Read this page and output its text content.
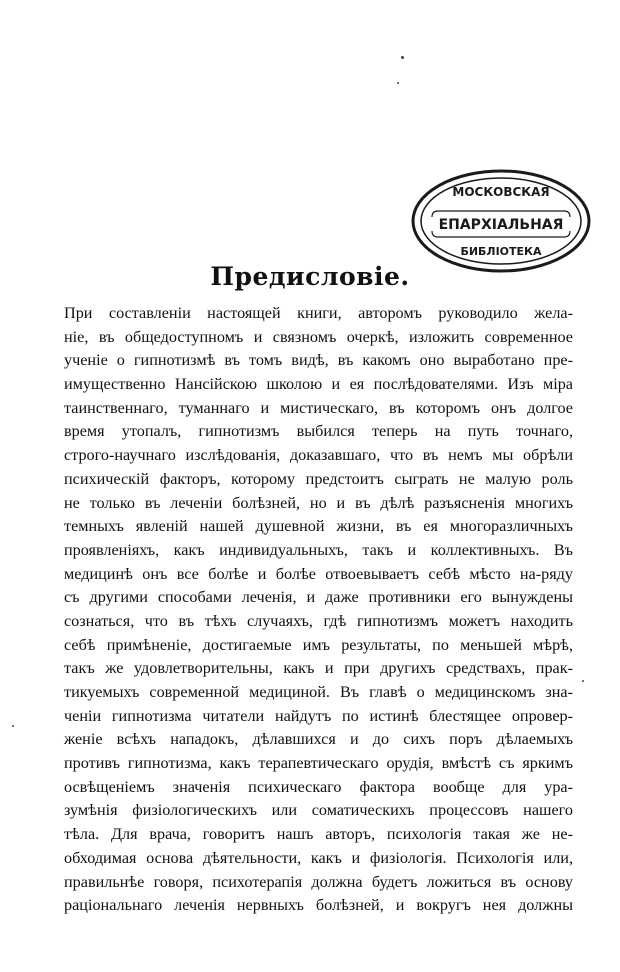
МОСКОВСКАЯ
ЕПАРХІАЛЬНАЯ
БИБЛІОТЕКА
Предисловіе.
При составленіи настоящей книги, авторомъ руководило жела-
ніе, въ общедоступномъ и связномъ очеркѣ, изложить современное
ученіе о гипнотизмѣ въ томъ видѣ, въ какомъ оно выработано пре-
имущественно Нансійскою школою и ея послѣдователями. Изъ міра
таинственнаго, туманнаго и мистическаго, въ которомъ онъ долгое
время утопалъ, гипнотизмъ выбился теперь на путь точнаго,
строго-научнаго изслѣдованія, доказавшаго, что въ немъ мы обрѣли
психическій факторъ, которому предстоитъ сыграть не малую роль
не только въ леченіи болѣзней, но и въ дѣлѣ разъясненія многихъ
темныхъ явленій нашей душевной жизни, въ ея многоразличныхъ
проявленіяхъ, какъ индивидуальныхъ, такъ и коллективныхъ. Въ
медицинѣ онъ все болѣе и болѣе отвоевываетъ себѣ мѣсто на-ряду
съ другими способами леченія, и даже противники его вынуждены
сознаться, что въ тѣхъ случаяхъ, гдѣ гипнотизмъ можетъ находить
себѣ примѣненіе, достигаемые имъ результаты, по меньшей мѣрѣ,
такъ же удовлетворительны, какъ и при другихъ средствахъ, прак-
тикуемыхъ современной медициной. Въ главѣ о медицинскомъ зна-
ченіи гипнотизма читатели найдутъ по истинѣ блестящее опровер-
женіе всѣхъ нападокъ, дѣлавшихся и до сихъ поръ дѣлаемыхъ
противъ гипнотизма, какъ терапевтическаго орудія, вмѣстѣ съ яркимъ
освѣщеніемъ значенія психическаго фактора вообще для ура-
зумѣнія физіологическихъ или соматическихъ процессовъ нашего
тѣла. Для врача, говоритъ нашъ авторъ, психологія такая же не-
обходимая основа дѣятельности, какъ и физіологія. Психологія или,
правильнѣе говоря, психотерапія должна будетъ ложиться въ основу
раціональнаго леченія нервныхъ болѣзней, и вокругъ нея должны
